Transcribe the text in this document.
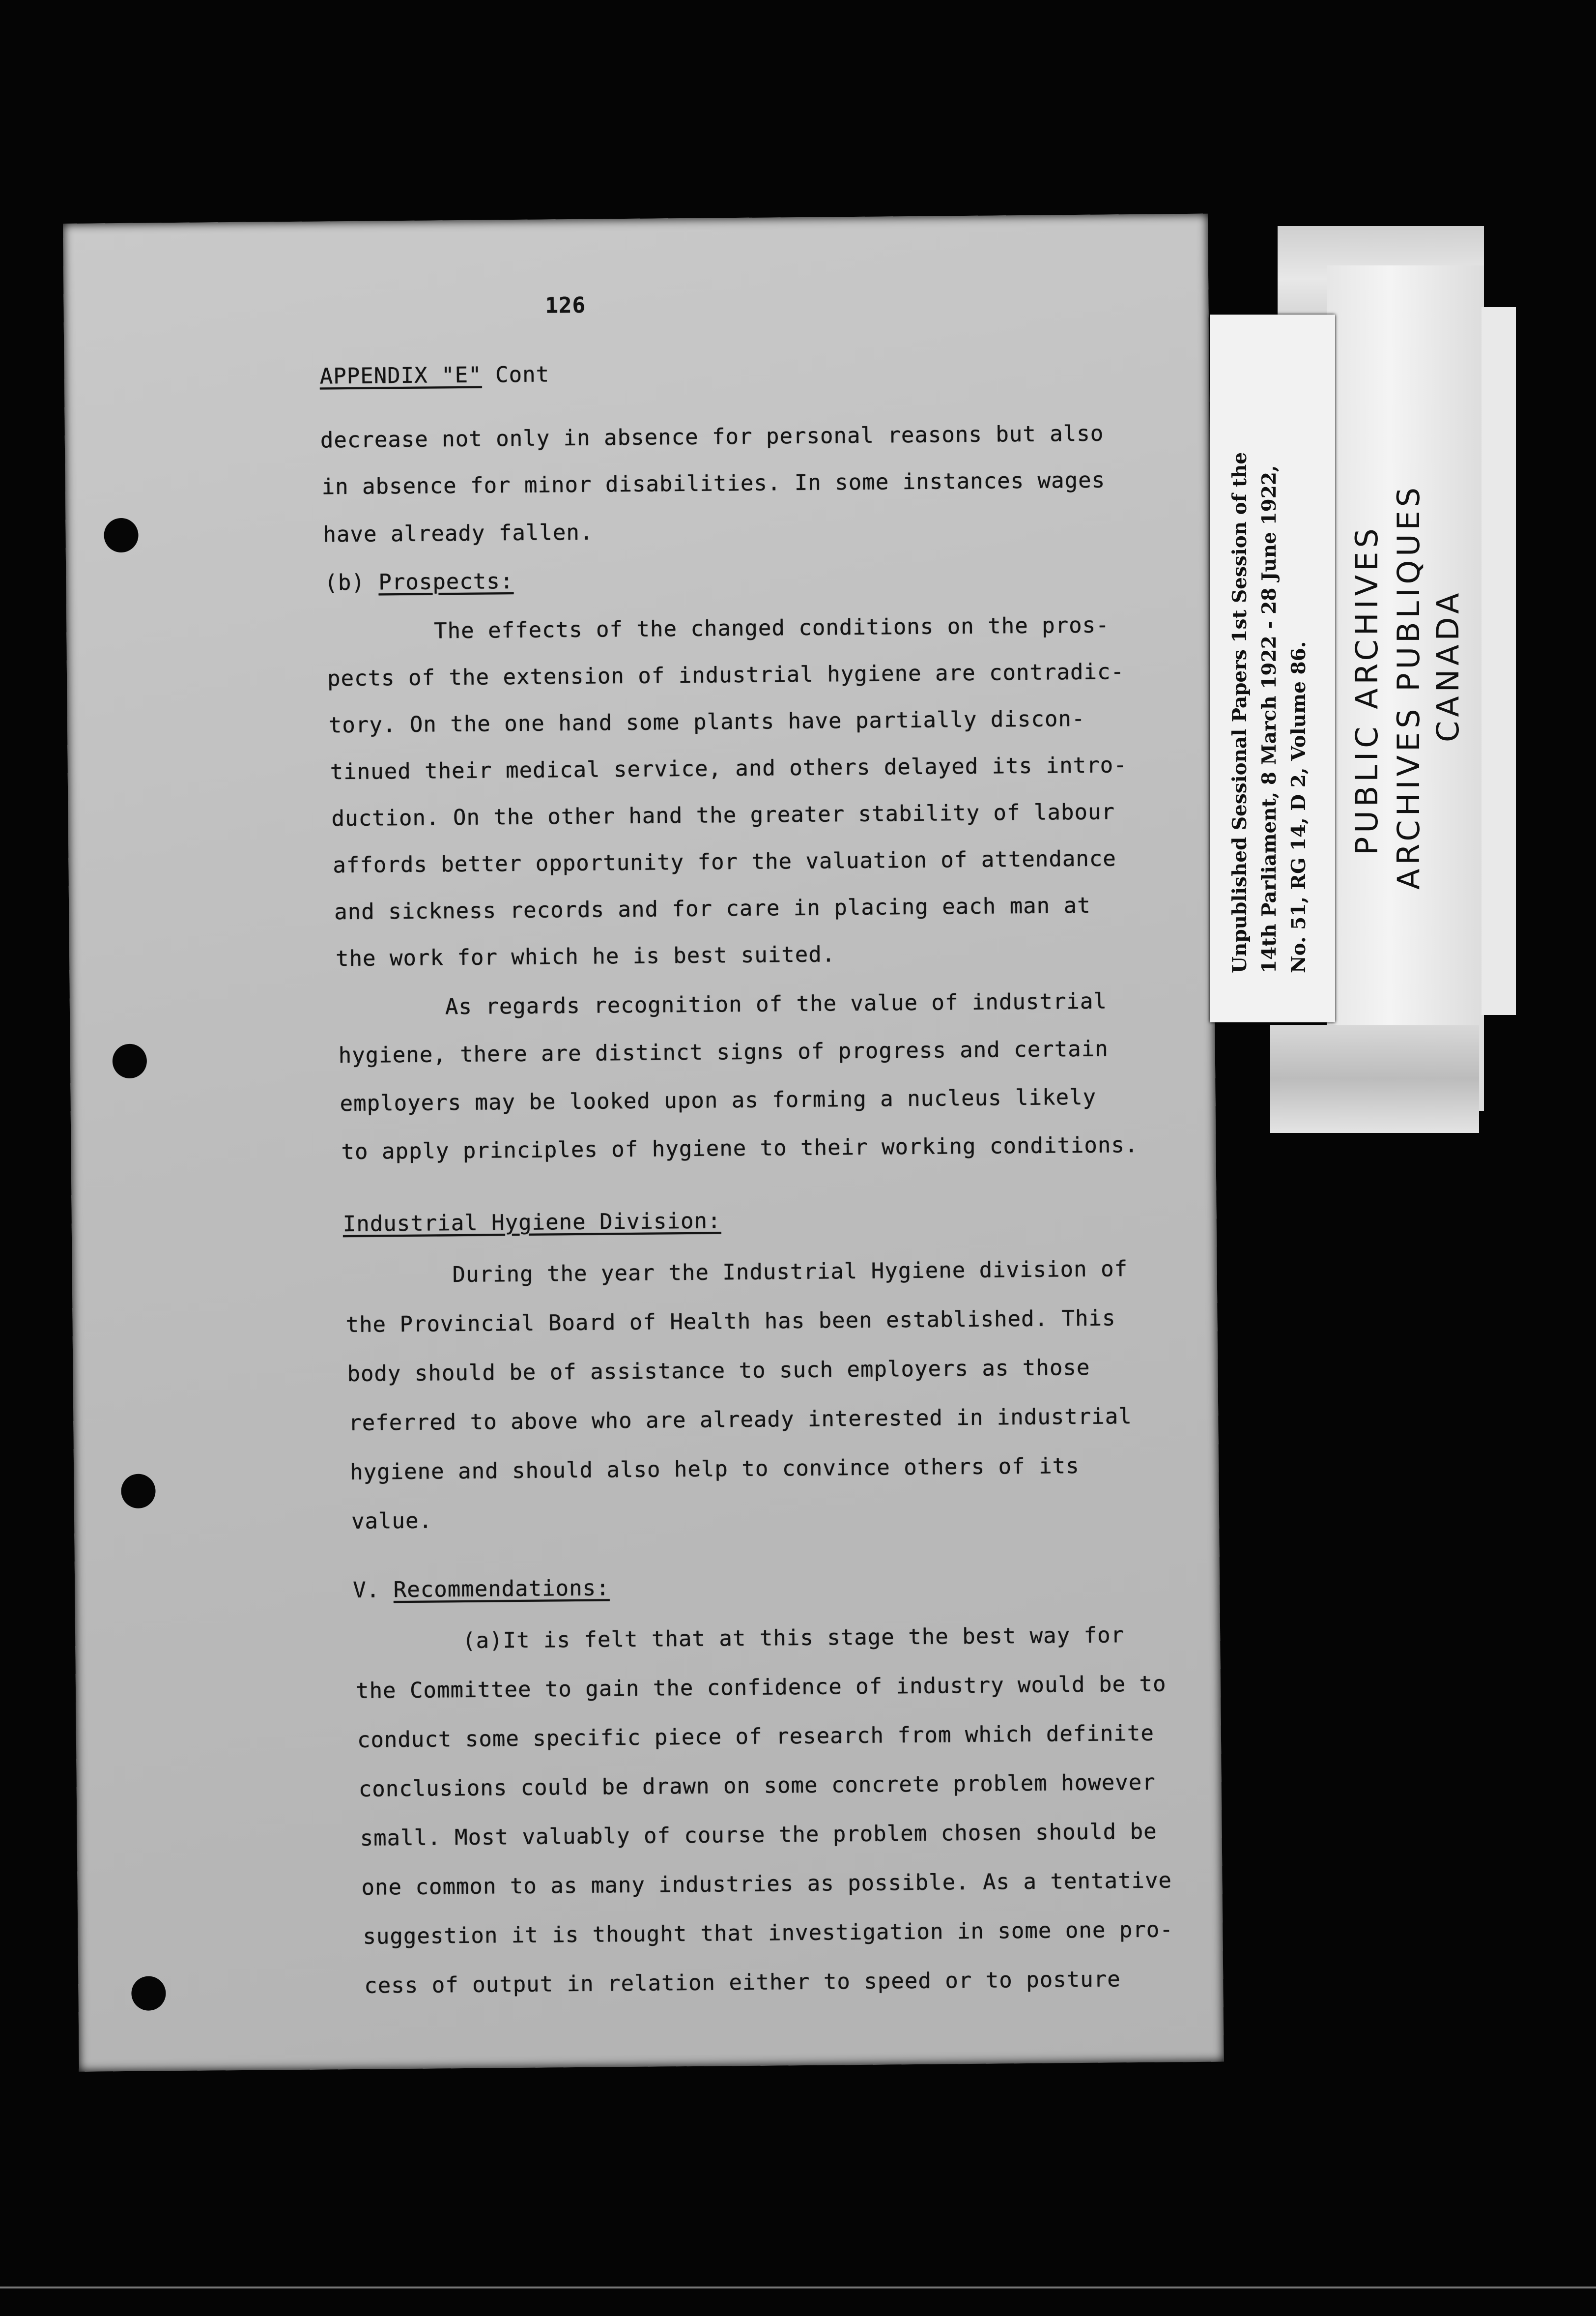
126
APPENDIX "E" Cont
decrease not only in absence for personal reasons but also
in absence for minor disabilities. In some instances wages
have already fallen.
(b) Prospects:

The effects of the changed conditions on the pros-

pects of the extension of industrial hygiene are contradic-

tory. On the one hand some plants have partially discon-

tinued their medical service, and others delayed its intro-

duction. On the other hand the greater stability of labour

affords better opportunity for the valuation of attendance

and sickness records and for care in placing each man at

the work for which he is best suited.

As regards recognition of the value of industrial
hygiene, there are distinct signs of progress and certain
employers may be looked upon as forming a nucleus likely
to apply principles of hygiene to their working conditions.
Industrial Hygiene Division:
During the year the Industrial Hygiene division of
the Provincial Board of Health has been established. This
body should be of assistance to such employers as those
referred to above who are already interested in industrial
hygiene and should also help to convince others of its
value.
V. Recommendations:
(a)It is felt that at this stage the best way for
the Committee to gain the confidence of industry would be to
conduct some specific piece of research from which definite
conclusions could be drawn on some concrete problem however
small. Most valuably of course the problem chosen should be
one common to as many industries as possible. As a tentative
suggestion it is thought that investigation in some one pro-
cess of output in relation either to speed or to posture
Unpublished Sessional Papers 1st Session of the 14th Parliament, 8 March 1922 - 28 June 1922, No. 51, RG 14, D 2, Volume 86. PUBLIC ARCHIVES ARCHIVES PUBLIQUES CANADA
